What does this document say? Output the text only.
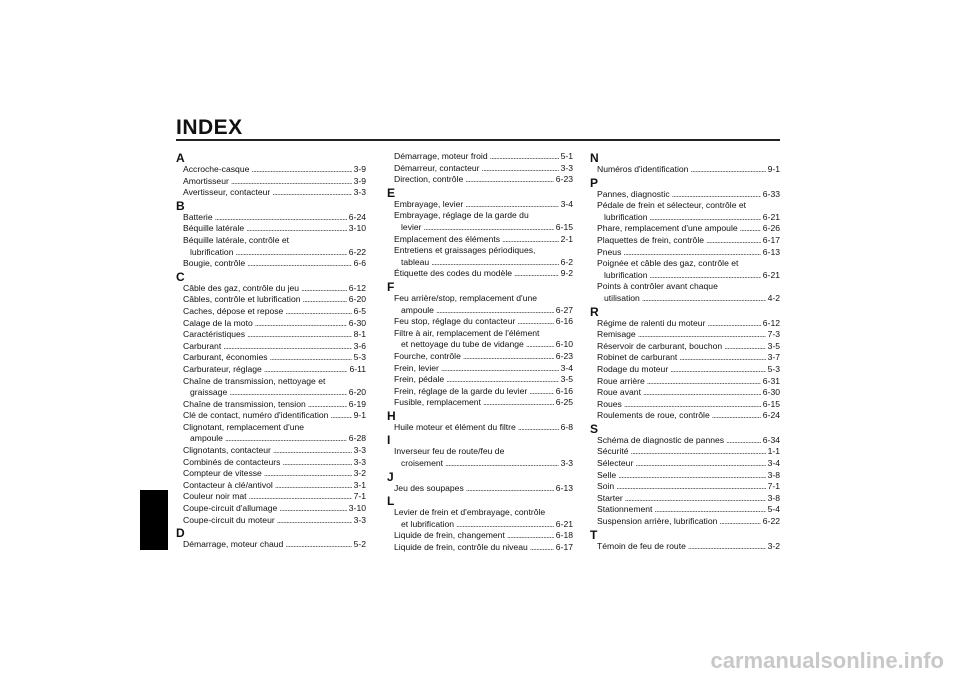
INDEX
A
Accroche-casque . . .	3-9
Amortisseur . . .	3-9
Avertisseur, contacteur . . .	3-3
B
Batterie . . .	6-24
Béquille latérale . . .	3-10
Béquille latérale, contrôle et
lubrification . . .	6-22
Bougie, contrôle . . .	6-6
C
Câble des gaz, contrôle du jeu . . .	6-12
Câbles, contrôle et lubrification . . .	6-20
Caches, dépose et repose . . .	6-5
Calage de la moto . . .	6-30
Caractéristiques . . .	8-1
Carburant . . .	3-6
Carburant, économies . . .	5-3
Carburateur, réglage . . .	6-11
Chaîne de transmission, nettoyage et
graissage . . .	6-20
Chaîne de transmission, tension . . .	6-19
Clé de contact, numéro d'identification . . .	9-1
Clignotant, remplacement d'une
ampoule . . .	6-28
Clignotants, contacteur . . .	3-3
Combinés de contacteurs . . .	3-3
Compteur de vitesse . . .	3-2
Contacteur à clé/antivol . . .	3-1
Couleur noir mat . . .	7-1
Coupe-circuit d'allumage . . .	3-10
Coupe-circuit du moteur . . .	3-3
D
Démarrage, moteur chaud . . .	5-2
Démarrage, moteur froid . . .	5-1
Démarreur, contacteur . . .	3-3
Direction, contrôle . . .	6-23
E
Embrayage, levier . . .	3-4
Embrayage, réglage de la garde du
levier . . .	6-15
Emplacement des éléments . . .	2-1
Entretiens et graissages périodiques,
tableau . . .	6-2
Étiquette des codes du modèle . . .	9-2
F
Feu arrière/stop, remplacement d'une
ampoule . . .	6-27
Feu stop, réglage du contacteur . . .	6-16
Filtre à air, remplacement de l'élément
et nettoyage du tube de vidange . . .	6-10
Fourche, contrôle . . .	6-23
Frein, levier . . .	3-4
Frein, pédale . . .	3-5
Frein, réglage de la garde du levier . . .	6-16
Fusible, remplacement . . .	6-25
H
Huile moteur et élément du filtre . . .	6-8
I
Inverseur feu de route/feu de
croisement . . .	3-3
J
Jeu des soupapes . . .	6-13
L
Levier de frein et d'embrayage, contrôle
et lubrification . . .	6-21
Liquide de frein, changement . . .	6-18
Liquide de frein, contrôle du niveau . . .	6-17
N
Numéros d'identification . . .	9-1
P
Pannes, diagnostic . . .	6-33
Pédale de frein et sélecteur, contrôle et
lubrification . . .	6-21
Phare, remplacement d'une ampoule . . .	6-26
Plaquettes de frein, contrôle . . .	6-17
Pneus . . .	6-13
Poignée et câble des gaz, contrôle et
lubrification . . .	6-21
Points à contrôler avant chaque
utilisation . . .	4-2
R
Régime de ralenti du moteur . . .	6-12
Remisage . . .	7-3
Réservoir de carburant, bouchon . . .	3-5
Robinet de carburant . . .	3-7
Rodage du moteur . . .	5-3
Roue arrière . . .	6-31
Roue avant . . .	6-30
Roues . . .	6-15
Roulements de roue, contrôle . . .	6-24
S
Schéma de diagnostic de pannes . . .	6-34
Sécurité . . .	1-1
Sélecteur . . .	3-4
Selle . . .	3-8
Soin . . .	7-1
Starter . . .	3-8
Stationnement . . .	5-4
Suspension arrière, lubrification . . .	6-22
T
Témoin de feu de route . . .	3-2
carmanualsonline.info
